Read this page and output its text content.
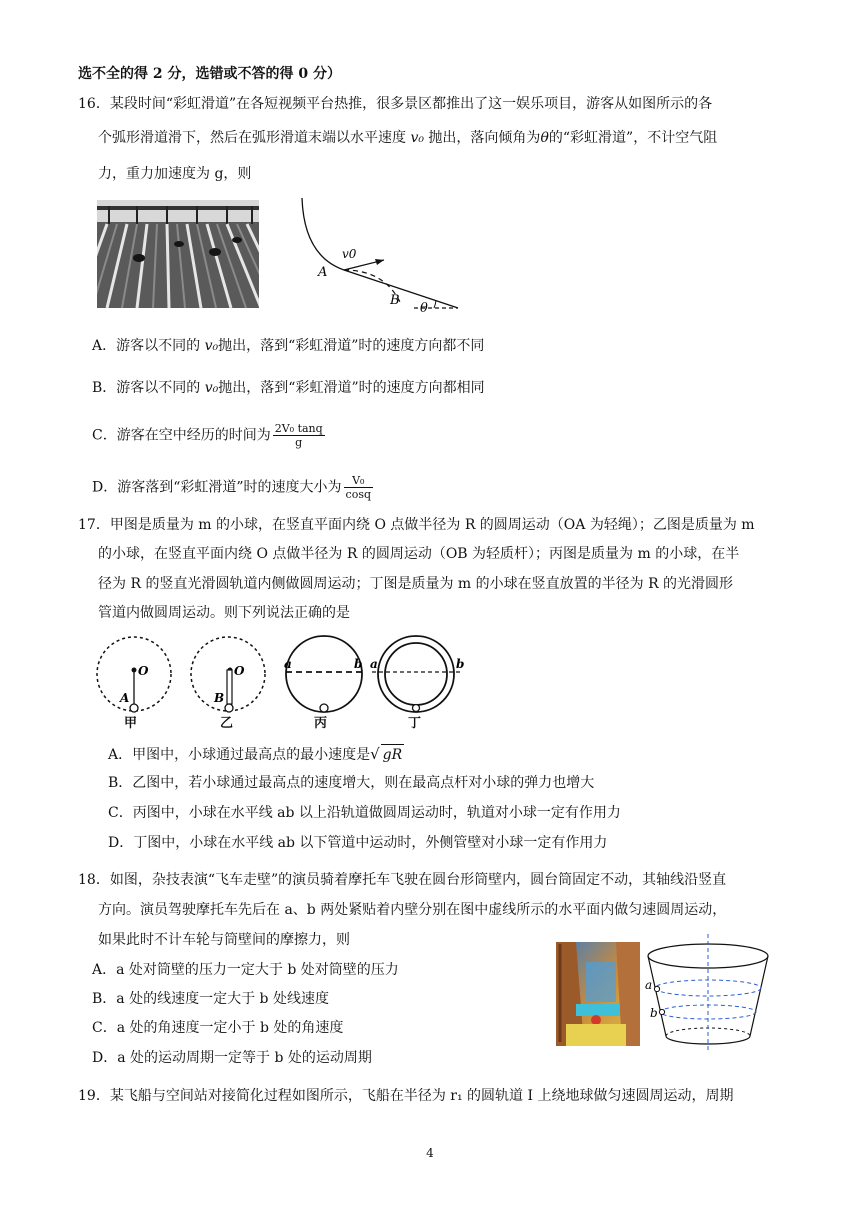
选不全的得 2 分，选错或不答的得 0 分）
16．某段时间“彩虹滑道”在各短视频平台热推，很多景区都推出了这一娱乐项目，游客从如图所示的各
个弧形滑道滑下，然后在弧形滑道末端以水平速度 v₀ 抛出，落向倾角为θ的“彩虹滑道”，不计空气阻
力，重力加速度为 g，则
v0
A
B
θ
A．游客以不同的 v₀抛出，落到“彩虹滑道”时的速度方向都不同
B．游客以不同的 v₀抛出，落到“彩虹滑道”时的速度方向都相同
C．游客在空中经历的时间为 $\frac{\text{2V₀ tanq}}{g}$
D．游客落到“彩虹滑道”时的速度大小为 $\frac{\text{V₀}}{\cos q}$
17．甲图是质量为 m 的小球，在竖直平面内绕 O 点做半径为 R 的圆周运动（OA 为轻绳）；乙图是质量为 m
的小球，在竖直平面内绕 O 点做半径为 R 的圆周运动（OB 为轻质杆）；丙图是质量为 m 的小球，在半
径为 R 的竖直光滑圆轨道内侧做圆周运动；丁图是质量为 m 的小球在竖直放置的半径为 R 的光滑圆形
管道内做圆周运动。则下列说法正确的是
O
A
O
B
a	b a	b
甲	乙	丙	丁
A．甲图中，小球通过最高点的最小速度是√ gR
B．乙图中，若小球通过最高点的速度增大，则在最高点杆对小球的弹力也增大
C．丙图中，小球在水平线 ab 以上沿轨道做圆周运动时，轨道对小球一定有作用力
D．丁图中，小球在水平线 ab 以下管道中运动时，外侧管壁对小球一定有作用力
18．如图，杂技表演“飞车走壁”的演员骑着摩托车飞驶在圆台形筒壁内，圆台筒固定不动，其轴线沿竖直
方向。演员驾驶摩托车先后在 a、b 两处紧贴着内壁分别在图中虚线所示的水平面内做匀速圆周运动，
如果此时不计车轮与筒壁间的摩擦力，则
A．a 处对筒壁的压力一定大于 b 处对筒壁的压力
B．a 处的线速度一定大于 b 处线速度
C．a 处的角速度一定小于 b 处的角速度
D．a 处的运动周期一定等于 b 处的运动周期
a
b
19．某飞船与空间站对接简化过程如图所示，飞船在半径为 r₁ 的圆轨道 I 上绕地球做匀速圆周运动，周期
4
